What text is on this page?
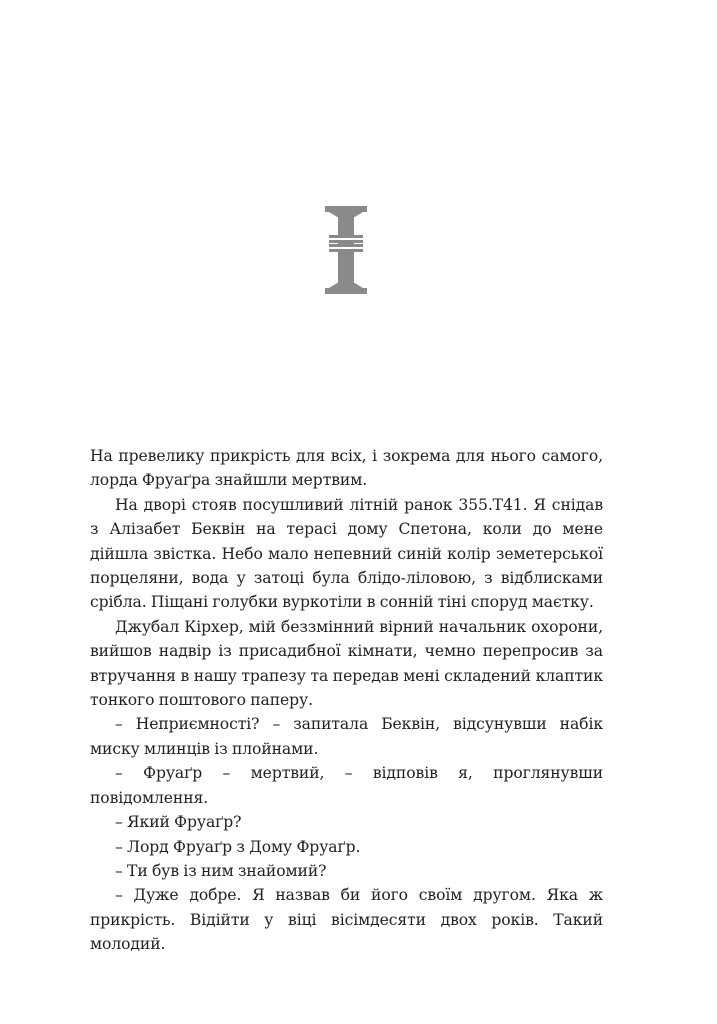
На превелику прикрість для всіх, і зокрема для нього самого, лорда Фруаґра знайшли мертвим.

На дворі стояв посушливий літній ранок 355.Т41. Я снідав з Алізабет Беквін на терасі дому Спетона, коли до мене дійшла звістка. Небо мало непевний синій колір земетерської порцеляни, вода у затоці була блідо-ліловою, з відблисками срібла. Піщані голубки вуркотіли в сонній тіні споруд маєтку.

Джубал Кірхер, мій беззмінний вірний начальник охорони, вийшов надвір із присадибної кімнати, чемно перепросив за втручання в нашу трапезу та передав мені складений клаптик тонкого поштового паперу.

– Неприємності? – запитала Беквін, відсунувши набік миску млинців із плойнами.

– Фруаґр – мертвий, – відповів я, проглянувши повідомлення.

– Який Фруаґр?

– Лорд Фруаґр з Дому Фруаґр.

– Ти був із ним знайомий?

– Дуже добре. Я назвав би його своїм другом. Яка ж прикрість. Відійти у віці вісімдесяти двох років. Такий молодий.
